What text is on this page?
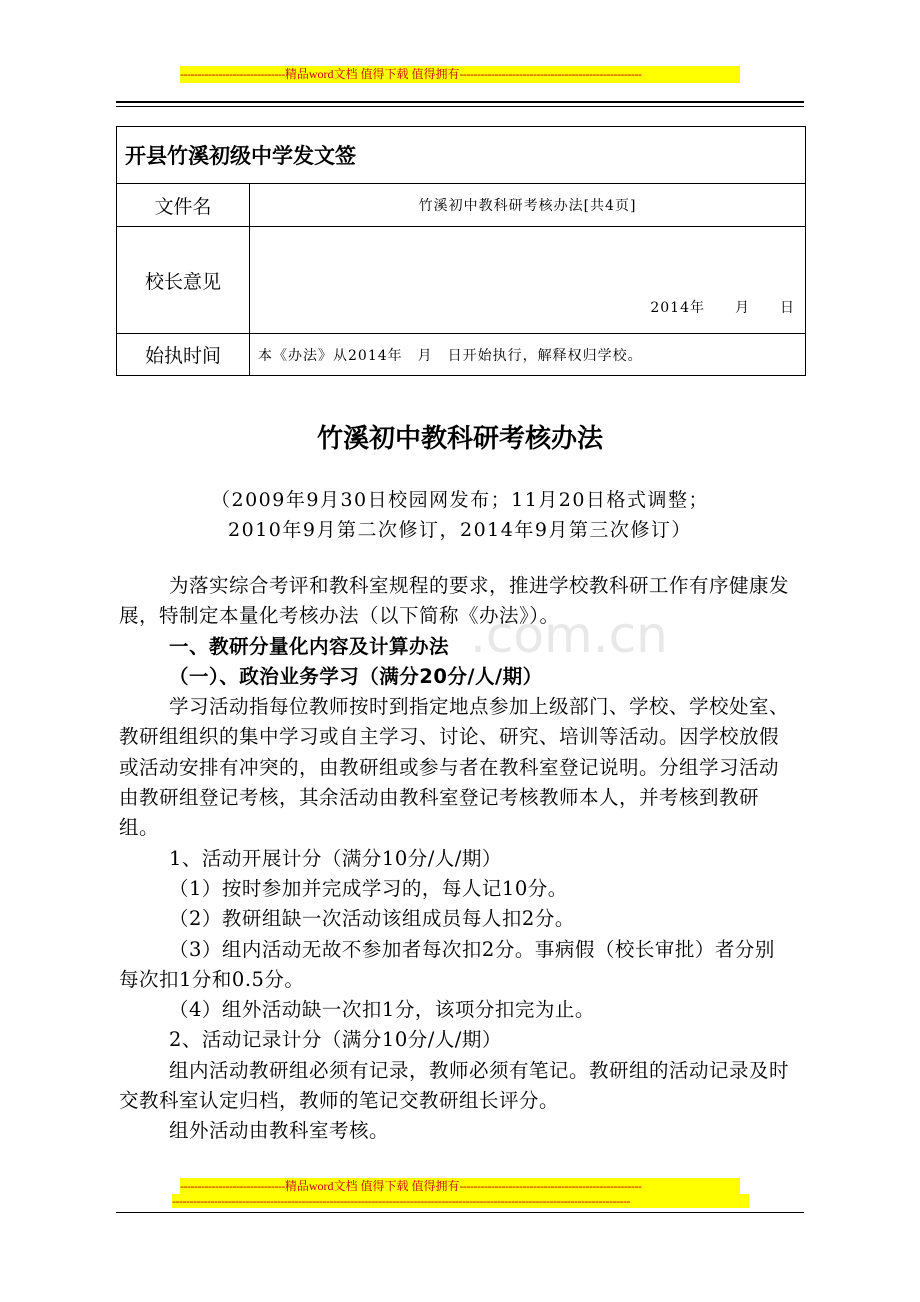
------------------------------精品word文档 值得下载 值得拥有----------------------------------------------------
开县竹溪初级中学发文签	
文件名	竹溪初中教科研考核办法[共4页]
校长意见	2014年　　月　　日
始执时间	本《办法》从2014年　月　日开始执行，解释权归学校。
竹溪初中教科研考核办法
（2009年9月30日校园网发布；11月20日格式调整；
2010年9月第二次修订，2014年9月第三次修订）
.com.cn

为落实综合考评和教科室规程的要求，推进学校教科研工作有序健康发展，特制定本量化考核办法（以下简称《办法》）。

一、教研分量化内容及计算办法

（一）、政治业务学习（满分20分/人/期）

学习活动指每位教师按时到指定地点参加上级部门、学校、学校处室、教研组组织的集中学习或自主学习、讨论、研究、培训等活动。因学校放假或活动安排有冲突的，由教研组或参与者在教科室登记说明。分组学习活动由教研组登记考核，其余活动由教科室登记考核教师本人，并考核到教研组。

1、活动开展计分（满分10分/人/期）

（1）按时参加并完成学习的，每人记10分。

（2）教研组缺一次活动该组成员每人扣2分。

（3）组内活动无故不参加者每次扣2分。事病假（校长审批）者分别每次扣1分和0.5分。

（4）组外活动缺一次扣1分，该项分扣完为止。

2、活动记录计分（满分10分/人/期）

组内活动教研组必须有记录，教师必须有笔记。教研组的活动记录及时交教科室认定归档，教师的笔记交教研组长评分。

组外活动由教科室考核。

------------------------------精品word文档 值得下载 值得拥有----------------------------------------------------
-----------------------------------------------------------------------------------------------------------------------------------
